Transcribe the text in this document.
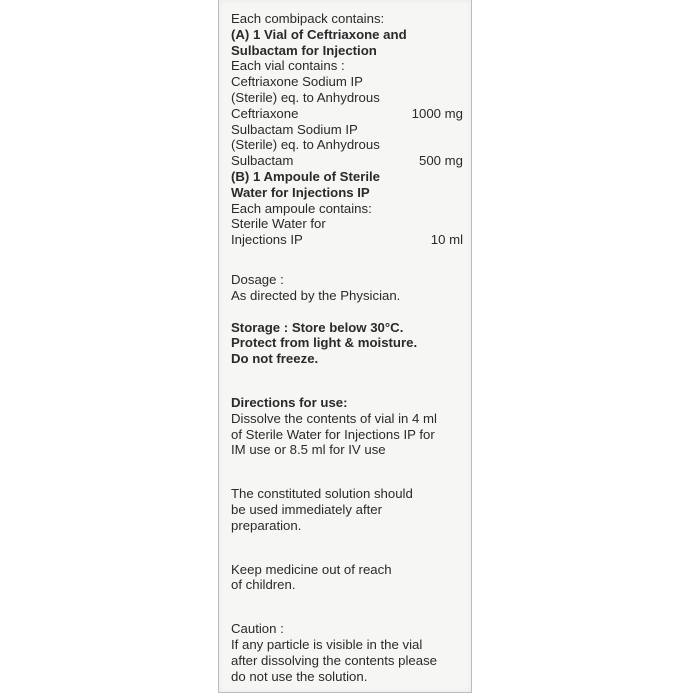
Each combipack contains:
(A) 1 Vial of Ceftriaxone and
Sulbactam for Injection
Each vial contains :
Ceftriaxone Sodium IP
(Sterile) eq. to Anhydrous
Ceftriaxone	1000 mg
Sulbactam Sodium IP
(Sterile) eq. to Anhydrous
Sulbactam	500 mg
(B) 1 Ampoule of Sterile
Water for Injections IP
Each ampoule contains:
Sterile Water for
Injections IP	10 ml
Dosage :
As directed by the Physician.
Storage : Store below 30°C.
Protect from light & moisture.
Do not freeze.
Directions for use:
Dissolve the contents of vial in 4 ml
of Sterile Water for Injections IP for
IM use or 8.5 ml for IV use
The constituted solution should
be used immediately after
preparation.
Keep medicine out of reach
of children.
Caution :
If any particle is visible in the vial
after dissolving the contents please
do not use the solution.
